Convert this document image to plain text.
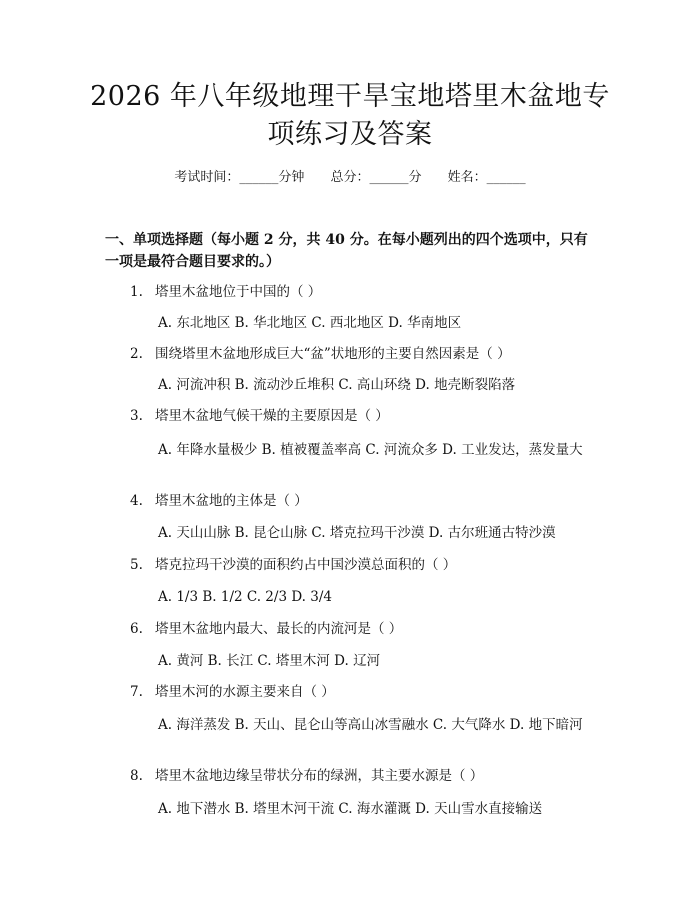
2026 年八年级地理干旱宝地塔里木盆地专项练习及答案
考试时间：______分钟 总分：______分 姓名：______
一、单项选择题（每小题 2 分，共 40 分。在每小题列出的四个选项中，只有一项是最符合题目要求的。）
1. 塔里木盆地位于中国的（ ）
A. 东北地区 B. 华北地区 C. 西北地区 D. 华南地区
2. 围绕塔里木盆地形成巨大“盆”状地形的主要自然因素是（ ）
A. 河流冲积 B. 流动沙丘堆积 C. 高山环绕 D. 地壳断裂陷落
3. 塔里木盆地气候干燥的主要原因是（ ）
A. 年降水量极少 B. 植被覆盖率高 C. 河流众多 D. 工业发达，蒸发量大
4. 塔里木盆地的主体是（ ）
A. 天山山脉 B. 昆仑山脉 C. 塔克拉玛干沙漠 D. 古尔班通古特沙漠
5. 塔克拉玛干沙漠的面积约占中国沙漠总面积的（ ）
A. 1/3 B. 1/2 C. 2/3 D. 3/4
6. 塔里木盆地内最大、最长的内流河是（ ）
A. 黄河 B. 长江 C. 塔里木河 D. 辽河
7. 塔里木河的水源主要来自（ ）
A. 海洋蒸发 B. 天山、昆仑山等高山冰雪融水 C. 大气降水 D. 地下暗河
8. 塔里木盆地边缘呈带状分布的绿洲，其主要水源是（ ）
A. 地下潜水 B. 塔里木河干流 C. 海水灌溉 D. 天山雪水直接输送
